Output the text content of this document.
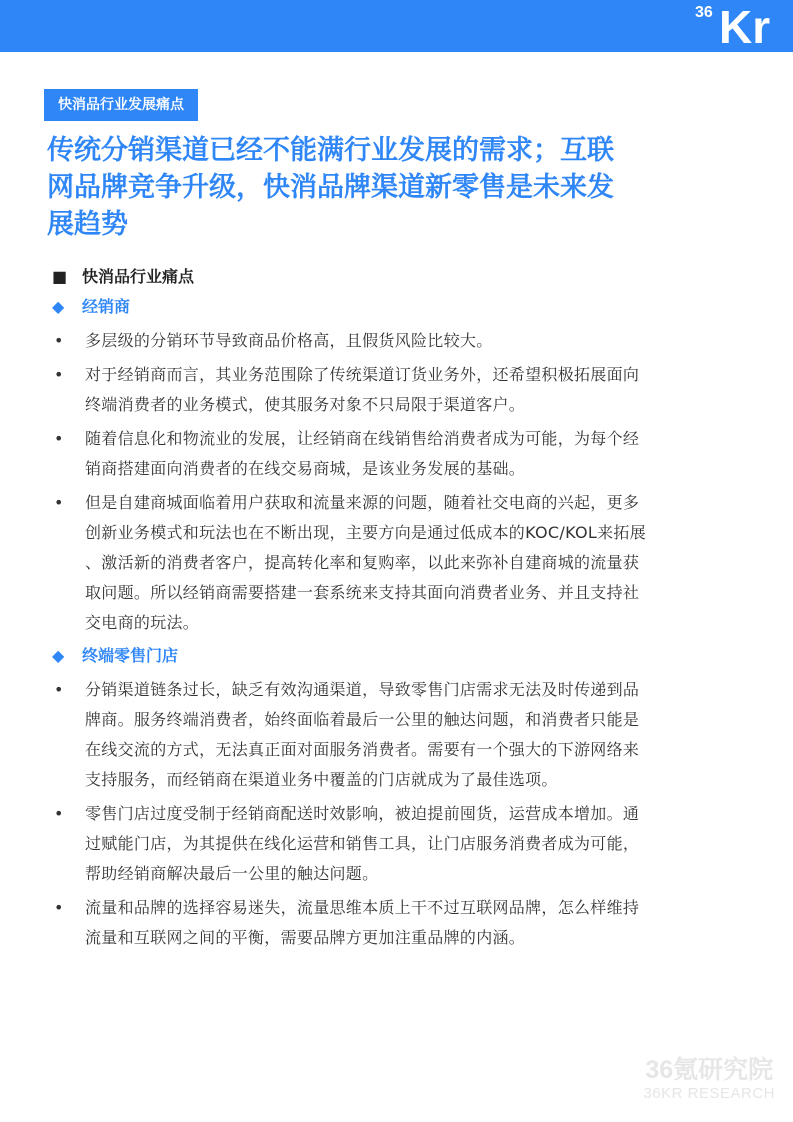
36 Kr
快消品行业发展痛点
传统分销渠道已经不能满行业发展的需求；互联
网品牌竞争升级，快消品牌渠道新零售是未来发
展趋势
■ 快消品行业痛点
◆ 经销商
• 多层级的分销环节导致商品价格高，且假货风险比较大。
• 对于经销商而言，其业务范围除了传统渠道订货业务外，还希望积极拓展面向
终端消费者的业务模式，使其服务对象不只局限于渠道客户。
• 随着信息化和物流业的发展，让经销商在线销售给消费者成为可能，为每个经
销商搭建面向消费者的在线交易商城，是该业务发展的基础。
• 但是自建商城面临着用户获取和流量来源的问题，随着社交电商的兴起，更多
创新业务模式和玩法也在不断出现，主要方向是通过低成本的KOC/KOL来拓展
、激活新的消费者客户，提高转化率和复购率，以此来弥补自建商城的流量获
取问题。所以经销商需要搭建一套系统来支持其面向消费者业务、并且支持社
交电商的玩法。
◆ 终端零售门店
• 分销渠道链条过长，缺乏有效沟通渠道，导致零售门店需求无法及时传递到品
牌商。服务终端消费者，始终面临着最后一公里的触达问题，和消费者只能是
在线交流的方式，无法真正面对面服务消费者。需要有一个强大的下游网络来
支持服务，而经销商在渠道业务中覆盖的门店就成为了最佳选项。
• 零售门店过度受制于经销商配送时效影响，被迫提前囤货，运营成本增加。通
过赋能门店，为其提供在线化运营和销售工具，让门店服务消费者成为可能，
帮助经销商解决最后一公里的触达问题。
• 流量和品牌的选择容易迷失，流量思维本质上干不过互联网品牌，怎么样维持
流量和互联网之间的平衡，需要品牌方更加注重品牌的内涵。
36氪研究院
36KR RESEARCH
